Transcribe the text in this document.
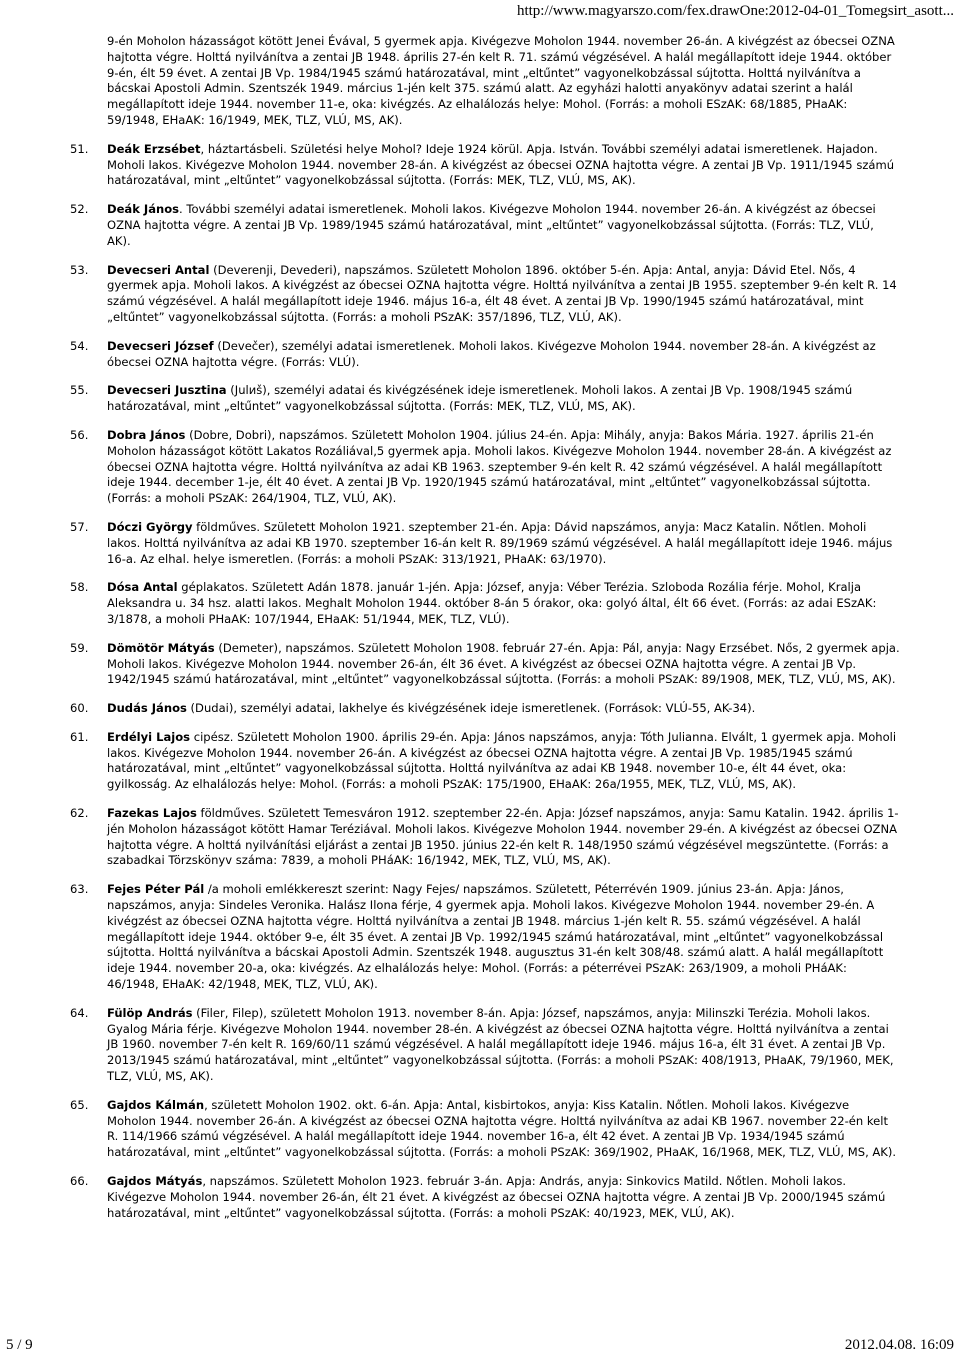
http://www.magyarszo.com/fex.drawOne:2012-04-01_Tomegsirt_asott...

9-én Moholon házasságot kötött Jenei Évával, 5 gyermek apja. Kivégezve Moholon 1944. november 26-án. A kivégzést az óbecsei OZNA hajtotta végre. Holttá nyilvánítva a zentai JB 1948. április 27-én kelt R. 71. számú végzésével. A halál megállapított ideje 1944. október 9-én, élt 59 évet. A zentai JB Vp. 1984/1945 számú határozatával, mint „eltűntet” vagyonelkobzással sújtotta. Holttá nyilvánítva a bácskai Apostoli Admin. Szentszék 1949. március 1-jén kelt 375. számú alatt. Az egyházi halotti anyakönyv adatai szerint a halál megállapított ideje 1944. november 11-e, oka: kivégzés. Az elhalálozás helye: Mohol. (Forrás: a moholi ESzAK: 68/1885, PHaAK: 59/1948, EHaAK: 16/1949, MEK, TLZ, VLÚ, MS, AK).

51.	Deák Erzsébet, háztartásbeli. Születési helye Mohol? Ideje 1924 körül. Apja. István. További személyi adatai ismeretlenek. Hajadon. Moholi lakos. Kivégezve Moholon 1944. november 28-án. A kivégzést az óbecsei OZNA hajtotta végre. A zentai JB Vp. 1911/1945 számú határozatával, mint „eltűntet” vagyonelkobzással sújtotta. (Forrás: MEK, TLZ, VLÚ, MS, AK).
52.	Deák János. További személyi adatai ismeretlenek. Moholi lakos. Kivégezve Moholon 1944. november 26-án. A kivégzést az óbecsei OZNA hajtotta végre. A zentai JB Vp. 1989/1945 számú határozatával, mint „eltűntet” vagyonelkobzással sújtotta. (Forrás: TLZ, VLÚ, AK).
53.	Devecseri Antal (Deverenji, Devederi), napszámos. Született Moholon 1896. október 5-én. Apja: Antal, anyja: Dávid Etel. Nős, 4 gyermek apja. Moholi lakos. A kivégzést az óbecsei OZNA hajtotta végre. Holttá nyilvánítva a zentai JB 1955. szeptember 9-én kelt R. 14 számú végzésével. A halál megállapított ideje 1946. május 16-a, élt 48 évet. A zentai JB Vp. 1990/1945 számú határozatával, mint „eltűntet” vagyonelkobzással sújtotta. (Forrás: a moholi PSzAK: 357/1896, TLZ, VLÚ, AK).
54.	Devecseri József (Devečer), személyi adatai ismeretlenek. Moholi lakos. Kivégezve Moholon 1944. november 28-án. A kivégzést az óbecsei OZNA hajtotta végre. (Forrás: VLÚ).
55.	Devecseri Jusztina (Julиš), személyi adatai és kivégzésének ideje ismeretlenek. Moholi lakos. A zentai JB Vp. 1908/1945 számú határozatával, mint „eltűntet” vagyonelkobzással sújtotta. (Forrás: MEK, TLZ, VLÚ, MS, AK).
56.	Dobra János (Dobre, Dobri), napszámos. Született Moholon 1904. július 24-én. Apja: Mihály, anyja: Bakos Mária. 1927. április 21-én Moholon házasságot kötött Lakatos Rozáliával,5 gyermek apja. Moholi lakos. Kivégezve Moholon 1944. november 28-án. A kivégzést az óbecsei OZNA hajtotta végre. Holttá nyilvánítva az adai KB 1963. szeptember 9-én kelt R. 42 számú végzésével. A halál megállapított ideje 1944. december 1-je, élt 40 évet. A zentai JB Vp. 1920/1945 számú határozatával, mint „eltűntet” vagyonelkobzással sújtotta. (Forrás: a moholi PSzAK: 264/1904, TLZ, VLÚ, AK).
57.	Dóczi György földműves. Született Moholon 1921. szeptember 21-én. Apja: Dávid napszámos, anyja: Macz Katalin. Nőtlen. Moholi lakos. Holttá nyilvánítva az adai KB 1970. szeptember 16-án kelt R. 89/1969 számú végzésével. A halál megállapított ideje 1946. május 16-a. Az elhal. helye ismeretlen. (Forrás: a moholi PSzAK: 313/1921, PHaAK: 63/1970).
58.	Dósa Antal géplakatos. Született Adán 1878. január 1-jén. Apja: József, anyja: Véber Terézia. Szloboda Rozália férje. Mohol, Kralja Aleksandra u. 34 hsz. alatti lakos. Meghalt Moholon 1944. október 8-án 5 órakor, oka: golyó által, élt 66 évet. (Forrás: az adai ESzAK: 3/1878, a moholi PHaAK: 107/1944, EHaAK: 51/1944, MEK, TLZ, VLÚ).
59.	Dömötör Mátyás (Demeter), napszámos. Született Moholon 1908. február 27-én. Apja: Pál, anyja: Nagy Erzsébet. Nős, 2 gyermek apja. Moholi lakos. Kivégezve Moholon 1944. november 26-án, élt 36 évet. A kivégzést az óbecsei OZNA hajtotta végre. A zentai JB Vp. 1942/1945 számú határozatával, mint „eltűntet” vagyonelkobzással sújtotta. (Forrás: a moholi PSzAK: 89/1908, MEK, TLZ, VLÚ, MS, AK).
60.	Dudás János (Dudai), személyi adatai, lakhelye és kivégzésének ideje ismeretlenek. (Források: VLÚ-55, AK-34).
61.	Erdélyi Lajos cipész. Született Moholon 1900. április 29-én. Apja: János napszámos, anyja: Tóth Julianna. Elvált, 1 gyermek apja. Moholi lakos. Kivégezve Moholon 1944. november 26-án. A kivégzést az óbecsei OZNA hajtotta végre. A zentai JB Vp. 1985/1945 számú határozatával, mint „eltűntet” vagyonelkobzással sújtotta. Holttá nyilvánítva az adai KB 1948. november 10-e, élt 44 évet, oka: gyilkosság. Az elhalálozás helye: Mohol. (Forrás: a moholi PSzAK: 175/1900, EHaAK: 26a/1955, MEK, TLZ, VLÚ, MS, AK).
62.	Fazekas Lajos földműves. Született Temesváron 1912. szeptember 22-én. Apja: József napszámos, anyja: Samu Katalin. 1942. április 1-jén Moholon házasságot kötött Hamar Teréziával. Moholi lakos. Kivégezve Moholon 1944. november 29-én. A kivégzést az óbecsei OZNA hajtotta végre. A holttá nyilvánítási eljárást a zentai JB 1950. június 22-én kelt R. 148/1950 számú végzésével megszüntette. (Forrás: a szabadkai Törzskönyv száma: 7839, a moholi PHáAK: 16/1942, MEK, TLZ, VLÚ, MS, AK).
63.	Fejes Péter Pál /a moholi emlékkereszt szerint: Nagy Fejes/ napszámos. Született, Péterrévén 1909. június 23-án. Apja: János, napszámos, anyja: Sindeles Veronika. Halász Ilona férje, 4 gyermek apja. Moholi lakos. Kivégezve Moholon 1944. november 29-én. A kivégzést az óbecsei OZNA hajtotta végre. Holttá nyilvánítva a zentai JB 1948. március 1-jén kelt R. 55. számú végzésével. A halál megállapított ideje 1944. október 9-e, élt 35 évet. A zentai JB Vp. 1992/1945 számú határozatával, mint „eltűntet” vagyonelkobzással sújtotta. Holttá nyilvánítva a bácskai Apostoli Admin. Szentszék 1948. augusztus 31-én kelt 308/48. számú alatt. A halál megállapított ideje 1944. november 20-a, oka: kivégzés. Az elhalálozás helye: Mohol. (Forrás: a péterrévei PSzAK: 263/1909, a moholi PHáAK: 46/1948, EHaAK: 42/1948, MEK, TLZ, VLÚ, AK).
64.	Fülöp András (Filer, Filep), született Moholon 1913. november 8-án. Apja: József, napszámos, anyja: Milinszki Terézia. Moholi lakos. Gyalog Mária férje. Kivégezve Moholon 1944. november 28-én. A kivégzést az óbecsei OZNA hajtotta végre. Holttá nyilvánítva a zentai JB 1960. november 7-én kelt R. 169/60/11 számú végzésével. A halál megállapított ideje 1946. május 16-a, élt 31 évet. A zentai JB Vp. 2013/1945 számú határozatával, mint „eltűntet” vagyonelkobzással sújtotta. (Forrás: a moholi PSzAK: 408/1913, PHaAK, 79/1960, MEK, TLZ, VLÚ, MS, AK).
65.	Gajdos Kálmán, született Moholon 1902. okt. 6-án. Apja: Antal, kisbirtokos, anyja: Kiss Katalin. Nőtlen. Moholi lakos. Kivégezve Moholon 1944. november 26-án. A kivégzést az óbecsei OZNA hajtotta végre. Holttá nyilvánítva az adai KB 1967. november 22-én kelt R. 114/1966 számú végzésével. A halál megállapított ideje 1944. november 16-a, élt 42 évet. A zentai JB Vp. 1934/1945 számú határozatával, mint „eltűntet” vagyonelkobzással sújtotta. (Forrás: a moholi PSzAK: 369/1902, PHaAK, 16/1968, MEK, TLZ, VLÚ, MS, AK).
66.	Gajdos Mátyás, napszámos. Született Moholon 1923. február 3-án. Apja: András, anyja: Sinkovics Matild. Nőtlen. Moholi lakos. Kivégezve Moholon 1944. november 26-án, élt 21 évet. A kivégzést az óbecsei OZNA hajtotta végre. A zentai JB Vp. 2000/1945 számú határozatával, mint „eltűntet” vagyonelkobzással sújtotta. (Forrás: a moholi PSzAK: 40/1923, MEK, VLÚ, AK).
5 / 9	2012.04.08. 16:09
